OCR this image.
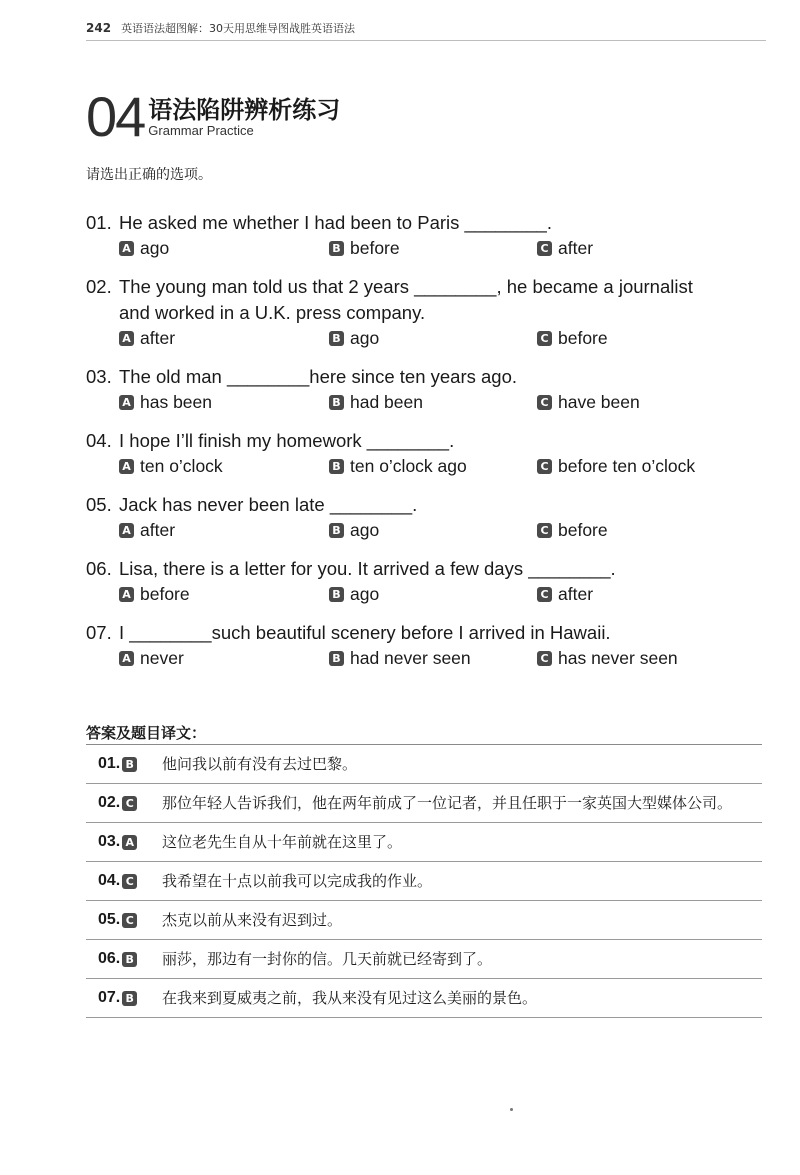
242 英语语法超图解：30天用思维导图战胜英语语法
04 语法陷阱辨析练习
Grammar Practice
请选出正确的选项。
01. He asked me whether I had been to Paris ________.
A ago	B before	C after
02. The young man told us that 2 years ________, he became a journalist
and worked in a U.K. press company.
A after	B ago	C before
03. The old man ________here since ten years ago.
A has been	B had been	C have been
04. I hope I’ll finish my homework ________.
A ten o’clock	B ten o’clock ago	C before ten o’clock
05. Jack has never been late ________.
A after	B ago	C before
06. Lisa, there is a letter for you. It arrived a few days ________.
A before	B ago	C after
07. I ________such beautiful scenery before I arrived in Hawaii.
A never	B had never seen	C has never seen
答案及题目译文：
01. B 他问我以前有没有去过巴黎。
02. C 那位年轻人告诉我们，他在两年前成了一位记者，并且任职于一家英国大型媒体公司。
03. A 这位老先生自从十年前就在这里了。
04. C 我希望在十点以前我可以完成我的作业。
05. C 杰克以前从来没有迟到过。
06. B 丽莎，那边有一封你的信。几天前就已经寄到了。
07. B 在我来到夏威夷之前，我从来没有见过这么美丽的景色。
